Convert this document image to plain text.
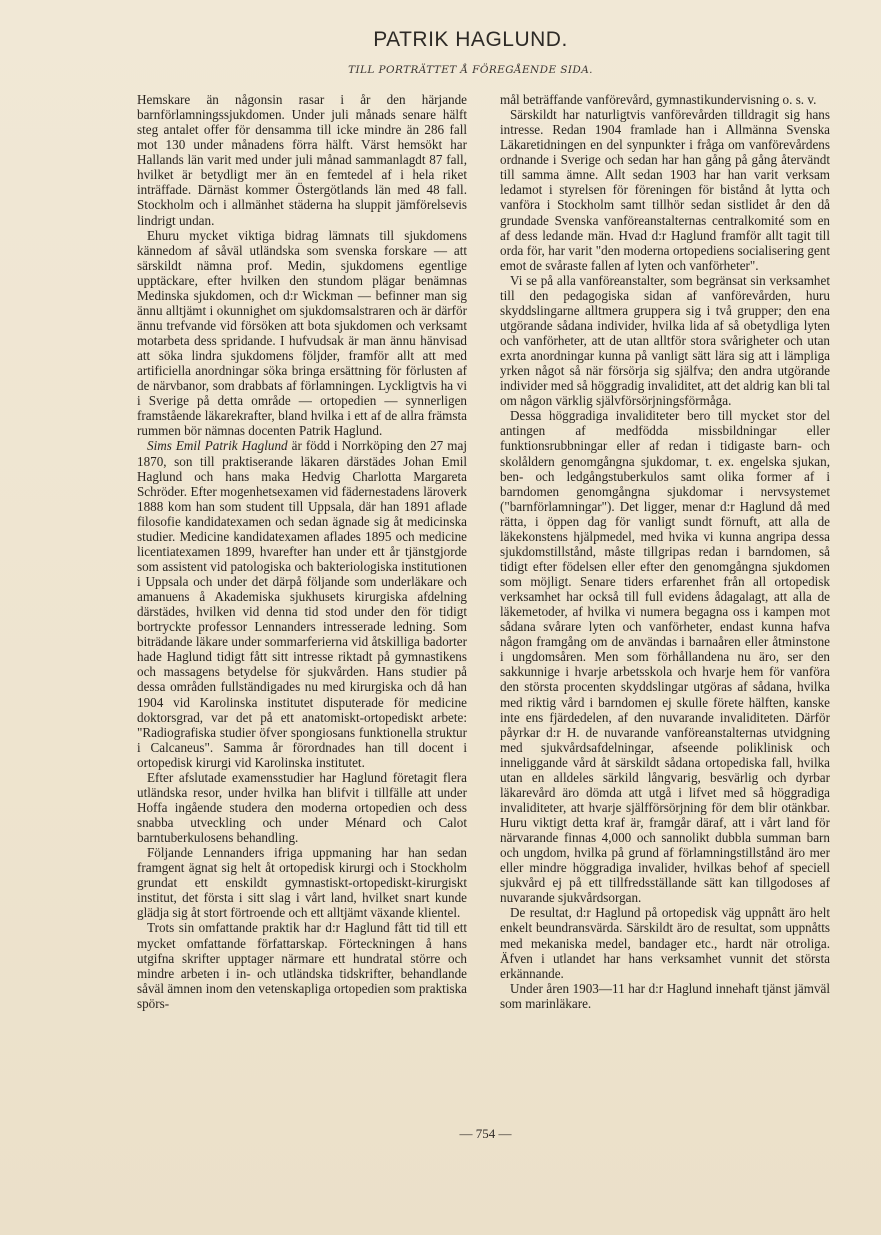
PATRIK HAGLUND.
TILL PORTRÄTTET Å FÖREGÅENDE SIDA.

Hemskare än någonsin rasar i år den härjande barnförlamningssjukdomen. Under juli månads senare hälft steg antalet offer för densamma till icke mindre än 286 fall mot 130 under månadens förra hälft. Värst hemsökt har Hallands län varit med under juli månad sammanlagdt 87 fall, hvilket är betydligt mer än en femtedel af i hela riket inträffade. Därnäst kommer Östergötlands län med 48 fall. Stockholm och i allmänhet städerna ha sluppit jämförelsevis lindrigt undan.

Ehuru mycket viktiga bidrag lämnats till sjukdomens kännedom af såväl utländska som svenska forskare — att särskildt nämna prof. Medin, sjukdomens egentlige upptäckare, efter hvilken den stundom plägar benämnas Medinska sjukdomen, och d:r Wickman — befinner man sig ännu alltjämt i okunnighet om sjukdomsalstraren och är därför ännu trefvande vid försöken att bota sjukdomen och verksamt motarbeta dess spridande. I hufvudsak är man ännu hänvisad att söka lindra sjukdomens följder, framför allt att med artificiella anordningar söka bringa ersättning för förlusten af de närvbanor, som drabbats af förlamningen. Lyckligtvis ha vi i Sverige på detta område — ortopedien — synnerligen framstående läkarekrafter, bland hvilka i ett af de allra främsta rummen bör nämnas docenten Patrik Haglund.

Sims Emil Patrik Haglund är född i Norrköping den 27 maj 1870, son till praktiserande läkaren därstädes Johan Emil Haglund och hans maka Hedvig Charlotta Margareta Schröder. Efter mogenhetsexamen vid fädernestadens läroverk 1888 kom han som student till Uppsala, där han 1891 aflade filosofie kandidatexamen och sedan ägnade sig åt medicinska studier. Medicine kandidatexamen aflades 1895 och medicine licentiatexamen 1899, hvarefter han under ett år tjänstgjorde som assistent vid patologiska och bakteriologiska institutionen i Uppsala och under det därpå följande som underläkare och amanuens å Akademiska sjukhusets kirurgiska afdelning därstädes, hvilken vid denna tid stod under den för tidigt bortryckte professor Lennanders intresserade ledning. Som biträdande läkare under sommarferierna vid åtskilliga badorter hade Haglund tidigt fått sitt intresse riktadt på gymnastikens och massagens betydelse för sjukvården. Hans studier på dessa områden fullständigades nu med kirurgiska och då han 1904 vid Karolinska institutet disputerade för medicine doktorsgrad, var det på ett anatomiskt-ortopediskt arbete: "Radiografiska studier öfver spongiosans funktionella struktur i Calcaneus". Samma år förordnades han till docent i ortopedisk kirurgi vid Karolinska institutet.

Efter afslutade examensstudier har Haglund företagit flera utländska resor, under hvilka han blifvit i tillfälle att under Hoffa ingående studera den moderna ortopedien och dess snabba utveckling och under Ménard och Calot barntuberkulosens behandling.

Följande Lennanders ifriga uppmaning har han sedan framgent ägnat sig helt åt ortopedisk kirurgi och i Stockholm grundat ett enskildt gymnastiskt-ortopediskt-kirurgiskt institut, det första i sitt slag i vårt land, hvilket snart kunde glädja sig åt stort förtroende och ett alltjämt växande klientel.

Trots sin omfattande praktik har d:r Haglund fått tid till ett mycket omfattande författarskap. Förteckningen å hans utgifna skrifter upptager närmare ett hundratal större och mindre arbeten i in- och utländska tidskrifter, behandlande såväl ämnen inom den vetenskapliga ortopedien som praktiska spörs-

mål beträffande vanförevård, gymnastikundervisning o. s. v.

Särskildt har naturligtvis vanförevården tilldragit sig hans intresse. Redan 1904 framlade han i Allmänna Svenska Läkaretidningen en del synpunkter i fråga om vanförevårdens ordnande i Sverige och sedan har han gång på gång återvändt till samma ämne. Allt sedan 1903 har han varit verksam ledamot i styrelsen för föreningen för bistånd åt lytta och vanföra i Stockholm samt tillhör sedan sistlidet år den då grundade Svenska vanföreanstalternas centralkomité som en af dess ledande män. Hvad d:r Haglund framför allt tagit till orda för, har varit "den moderna ortopediens socialisering gent emot de svåraste fallen af lyten och vanförheter".

Vi se på alla vanföreanstalter, som begränsat sin verksamhet till den pedagogiska sidan af vanförevården, huru skyddslingarne alltmera gruppera sig i två grupper; den ena utgörande sådana individer, hvilka lida af så obetydliga lyten och vanförheter, att de utan alltför stora svårigheter och utan exrta anordningar kunna på vanligt sätt lära sig att i lämpliga yrken något så när försörja sig själfva; den andra utgörande individer med så höggradig invaliditet, att det aldrig kan bli tal om någon värklig självförsörjningsförmåga.

Dessa höggradiga invaliditeter bero till mycket stor del antingen af medfödda missbildningar eller funktionsrubbningar eller af redan i tidigaste barn- och skolåldern genomgångna sjukdomar, t. ex. engelska sjukan, ben- och ledgångstuberkulos samt olika former af i barndomen genomgångna sjukdomar i nervsystemet ("barnförlamningar"). Det ligger, menar d:r Haglund då med rätta, i öppen dag för vanligt sundt förnuft, att alla de läkekonstens hjälpmedel, med hvika vi kunna angripa dessa sjukdomstillstånd, måste tillgripas redan i barndomen, så tidigt efter födelsen eller efter den genomgångna sjukdomen som möjligt. Senare tiders erfarenhet från all ortopedisk verksamhet har också till full evidens ådagalagt, att alla de läkemetoder, af hvilka vi numera begagna oss i kampen mot sådana svårare lyten och vanförheter, endast kunna hafva någon framgång om de användas i barnaåren eller åtminstone i ungdomsåren. Men som förhållandena nu äro, ser den sakkunnige i hvarje arbetsskola och hvarje hem för vanföra den största procenten skyddslingar utgöras af sådana, hvilka med riktig vård i barndomen ej skulle förete hälften, kanske inte ens fjärdedelen, af den nuvarande invaliditeten. Därför påyrkar d:r H. de nuvarande vanföreanstalternas utvidgning med sjukvårdsafdelningar, afseende poliklinisk och inneliggande vård åt särskildt sådana ortopediska fall, hvilka utan en alldeles särkild långvarig, besvärlig och dyrbar läkarevård äro dömda att utgå i lifvet med så höggradiga invaliditeter, att hvarje själfförsörjning för dem blir otänkbar. Huru viktigt detta kraf är, framgår däraf, att i vårt land för närvarande finnas 4,000 och sannolikt dubbla summan barn och ungdom, hvilka på grund af förlamningstillstånd äro mer eller mindre höggradiga invalider, hvilkas behof af speciell sjukvård ej på ett tillfredsställande sätt kan tillgodoses af nuvarande sjukvårdsorgan.

De resultat, d:r Haglund på ortopedisk väg uppnått äro helt enkelt beundransvärda. Särskildt äro de resultat, som uppnåtts med mekaniska medel, bandager etc., hardt när otroliga. Äfven i utlandet har hans verksamhet vunnit det största erkännande.

Under åren 1903—11 har d:r Haglund innehaft tjänst jämväl som marinläkare.

— 754 —
